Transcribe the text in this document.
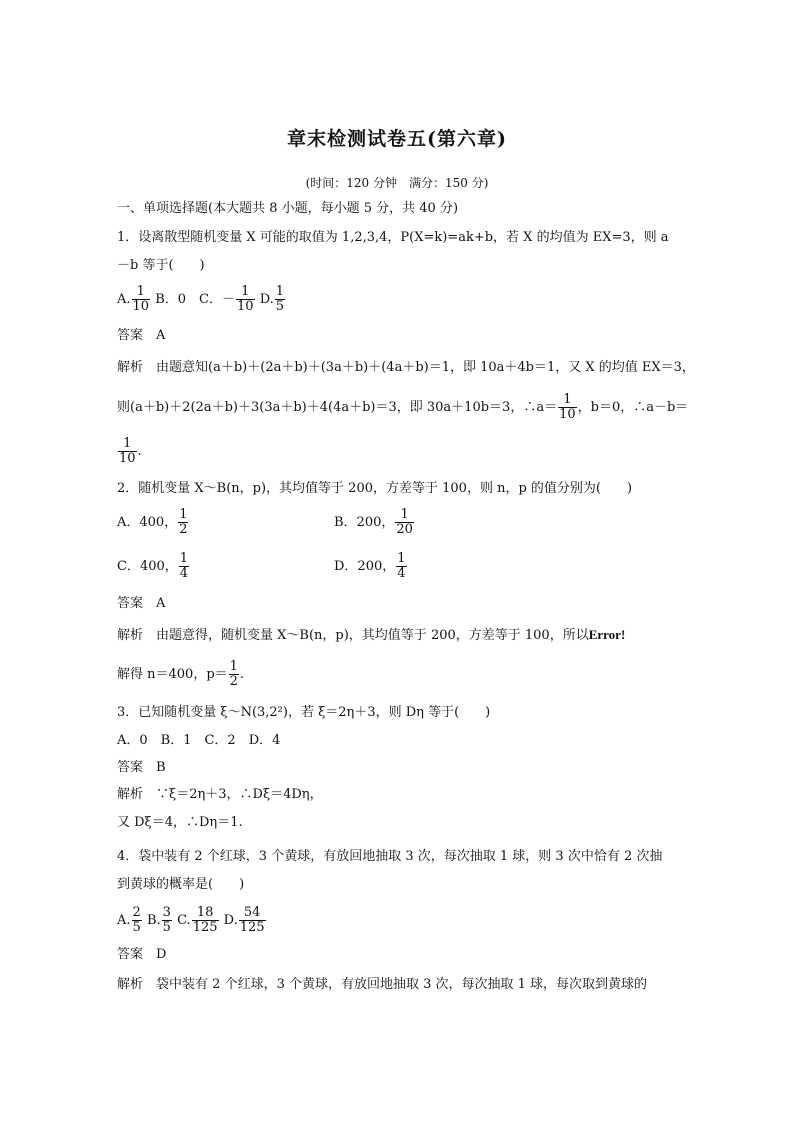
章末检测试卷五(第六章)
(时间：120 分钟　满分：150 分)
一、单项选择题(本大题共 8 小题，每小题 5 分，共 40 分)
1．设离散型随机变量 X 可能的取值为 1,2,3,4，P(X=k)=ak+b，若 X 的均值为 EX=3，则 a
－b 等于(　　)
A. $\frac{1}{10}$ B．0　C．－ $\frac{1}{10} D$. $\frac{1}{5}$
答案　 A
解析　 由题意知(a＋b)＋(2a＋b)＋(3a＋b)＋(4a＋b)＝1，即 10a＋4b＝1，又 X 的均值 EX＝3，
则(a＋b)＋2(2a＋b)＋3(3a＋b)＋4(4a＋b)＝3，即 30a＋10b＝3，∴a＝ $\frac{1}{10}$ ，b＝0，∴a－b＝
$\frac{1}{10}$ .
2．随机变量 X～B(n，p)，其均值等于 200，方差等于 100，则 n，p 的值分别为(　　)
A．400， $\frac{1}{2}$	B．200， $\frac{1}{20}$
C．400， $\frac{1}{4}$	D．200， $\frac{1}{4}$
答案　 A
解析　 由题意得，随机变量 X～B(n，p)，其均值等于 200，方差等于 100，所以Error!
解得 n＝400，$p= \frac{1}{2}$ .
3．已知随机变量 ξ～N(3,2²)，若 ξ＝2η＋3，则 Dη 等于(　　)
A．0　B．1　C．2　D．4
答案　 B
解析　 ∵ξ＝2η＋3，∴Dξ＝4Dη，
又 Dξ＝4，∴Dη＝1.
4．袋中装有 2 个红球，3 个黄球，有放回地抽取 3 次，每次抽取 1 球，则 3 次中恰有 2 次抽
到黄球的概率是(　　)
A. $\frac{2}{5} B$. $\frac{3}{5} C$. $\frac{18}{125} D$. $\frac{54}{125}$
答案　 D
解析　 袋中装有 2 个红球，3 个黄球，有放回地抽取 3 次，每次抽取 1 球，每次取到黄球的
